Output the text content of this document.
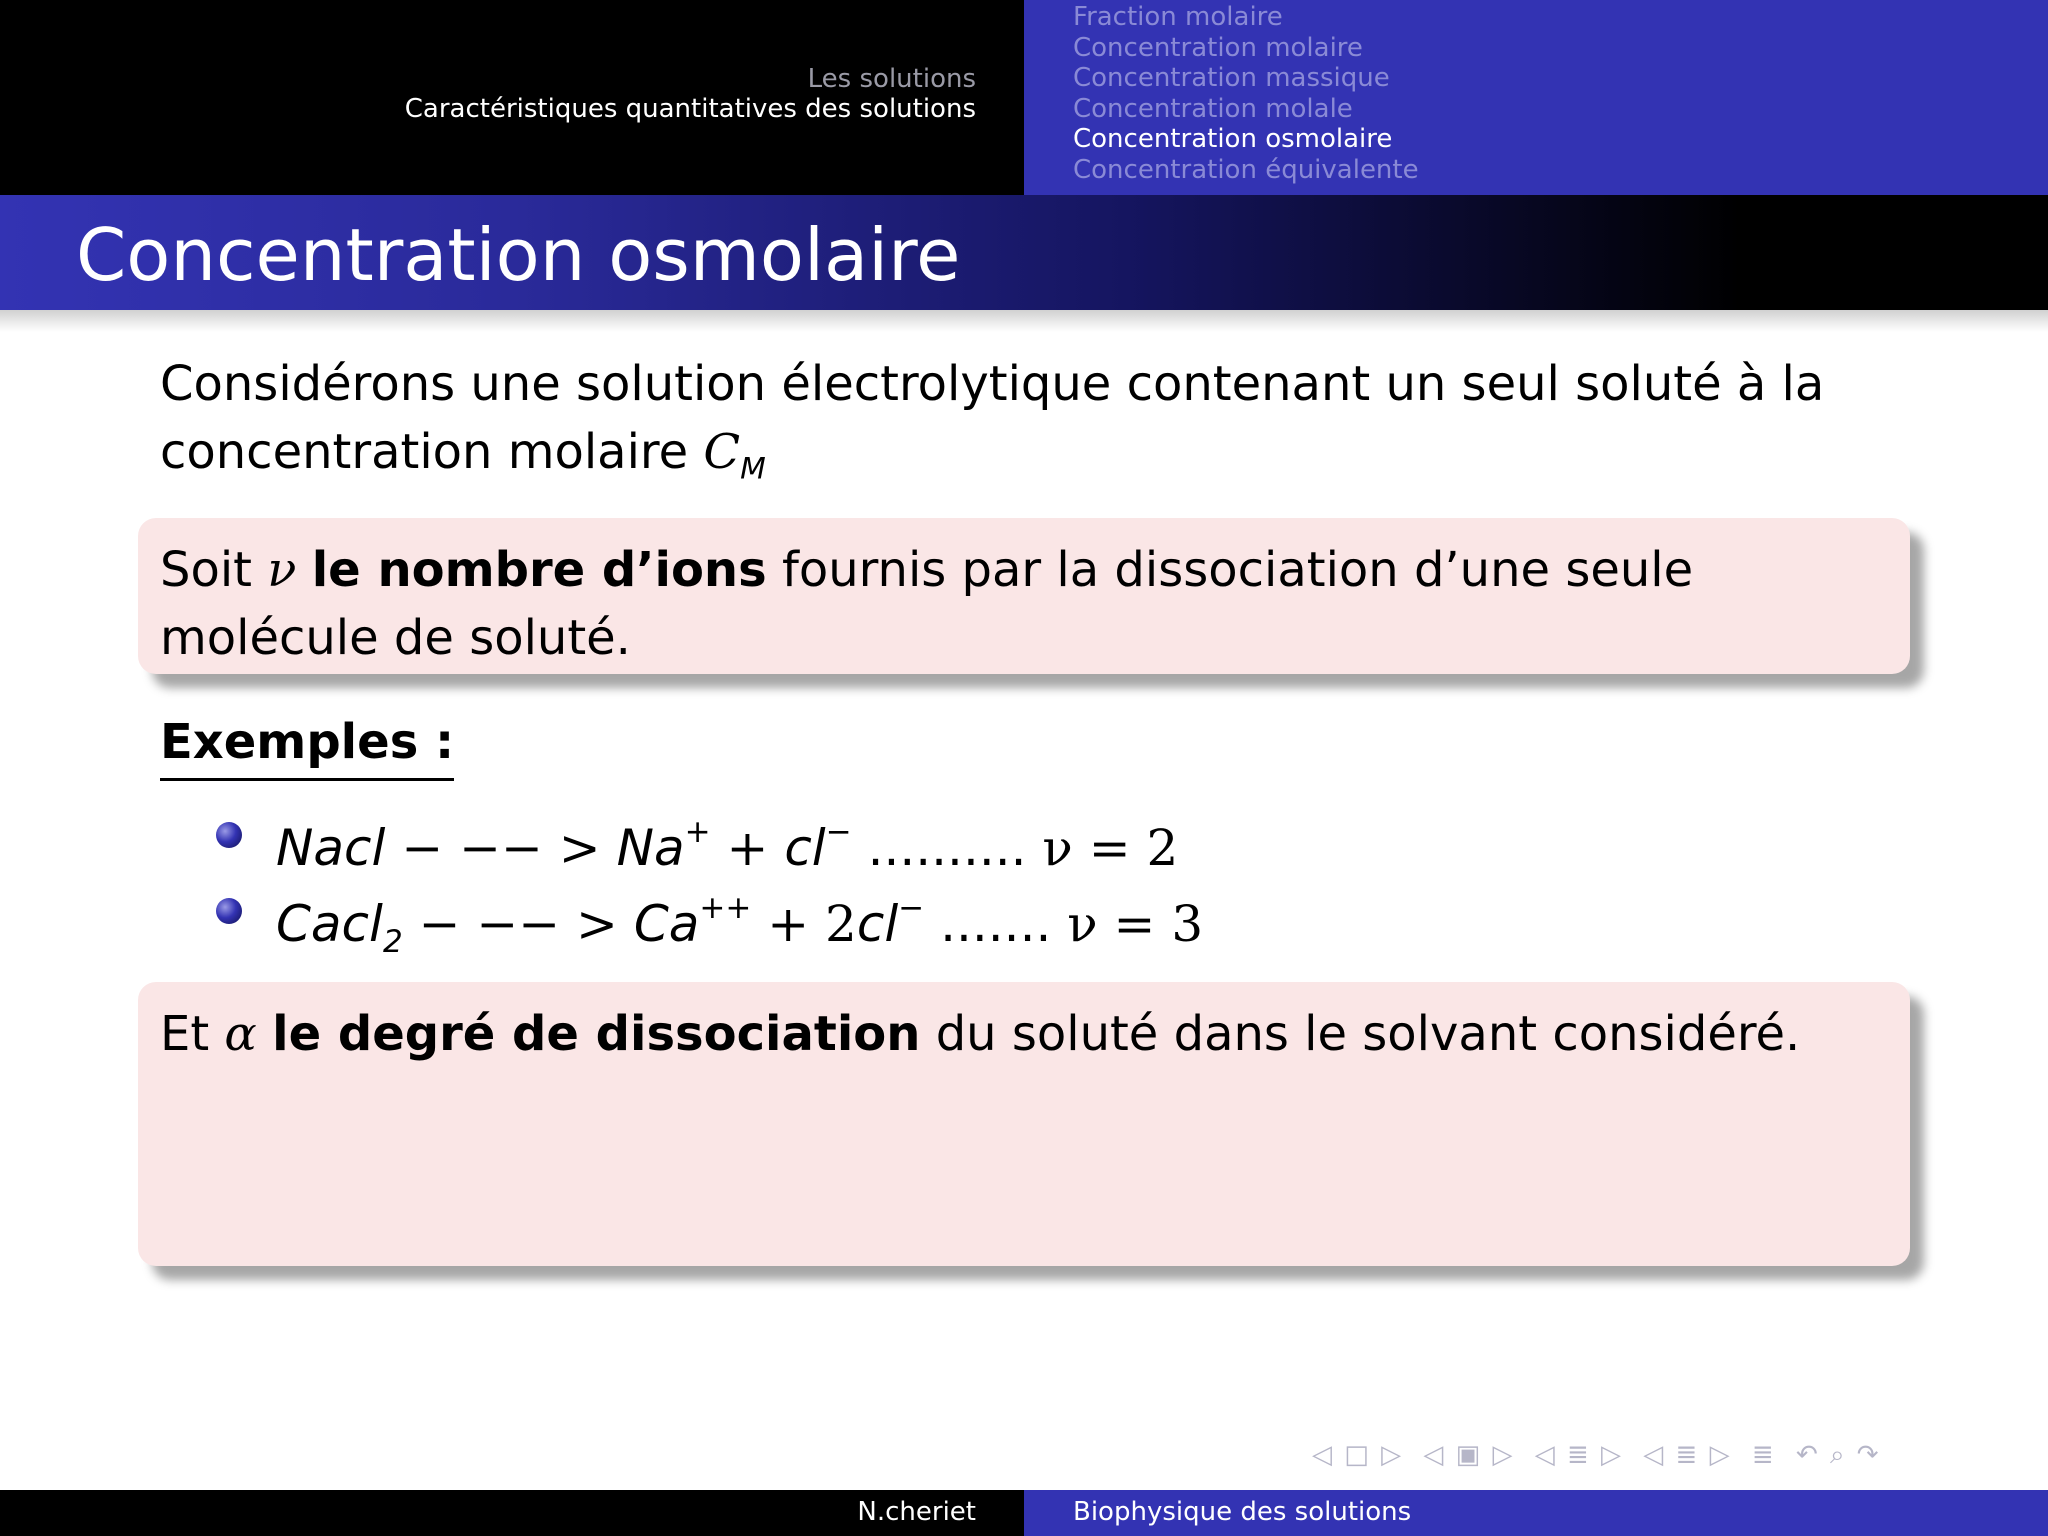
Les solutions
Caractéristiques quantitatives des solutions
Fraction molaire
Concentration molaire
Concentration massique
Concentration molale
Concentration osmolaire
Concentration équivalente
Concentration osmolaire
Considérons une solution électrolytique contenant un seul soluté à la concentration molaire $C_M$
Soit ν le nombre d’ions fournis par la dissociation d’une seule molécule de soluté.
Exemples :
Nacl − −− > Na+ + cl− .......... ν = 2
Cacl$_2$ − −− > Ca++ + 2cl− ....... ν = 3
Et α le degré de dissociation du soluté dans le solvant considéré.
◁ □ ▷ ◁ ▣ ▷ ◁ ≣ ▷ ◁ ≣ ▷ ≣ ↶ ⌕ ↷
N.cheriet	Biophysique des solutions
